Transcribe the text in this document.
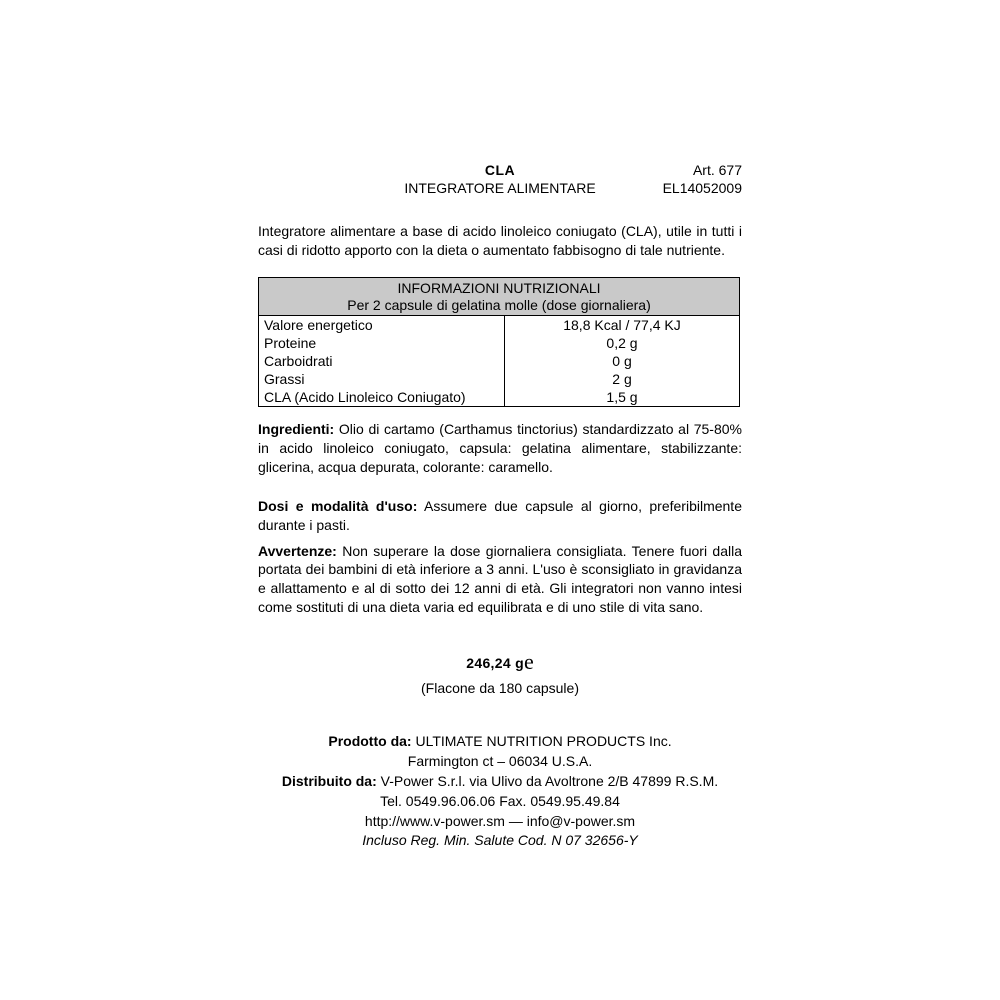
CLA
INTEGRATORE ALIMENTARE
Art. 677
EL14052009
Integratore alimentare a base di acido linoleico coniugato (CLA), utile in tutti i casi di ridotto apporto con la dieta o aumentato fabbisogno di tale nutriente.
INFORMAZIONI NUTRIZIONALI
Per 2 capsule di gelatina molle (dose giornaliera)	

Valore energetico	18,8 Kcal / 77,4 KJ
Proteine	0,2 g
Carboidrati	0 g
Grassi	2 g
CLA (Acido Linoleico Coniugato)	1,5 g
Ingredienti: Olio di cartamo (Carthamus tinctorius) standardizzato al 75-80% in acido linoleico coniugato, capsula: gelatina alimentare, stabilizzante: glicerina, acqua depurata, colorante: caramello.
Dosi e modalità d'uso: Assumere due capsule al giorno, preferibilmente durante i pasti.
Avvertenze: Non superare la dose giornaliera consigliata. Tenere fuori dalla portata dei bambini di età inferiore a 3 anni. L'uso è sconsigliato in gravidanza e allattamento e al di sotto dei 12 anni di età. Gli integratori non vanno intesi come sostituti di una dieta varia ed equilibrata e di uno stile di vita sano.
246,24 ge
(Flacone da 180 capsule)
Prodotto da: ULTIMATE NUTRITION PRODUCTS Inc.
Farmington ct – 06034 U.S.A.
Distribuito da: V-Power S.r.l. via Ulivo da Avoltrone 2/B 47899 R.S.M.
Tel. 0549.96.06.06 Fax. 0549.95.49.84
http://www.v-power.sm — info@v-power.sm
Incluso Reg. Min. Salute Cod. N 07 32656-Y
